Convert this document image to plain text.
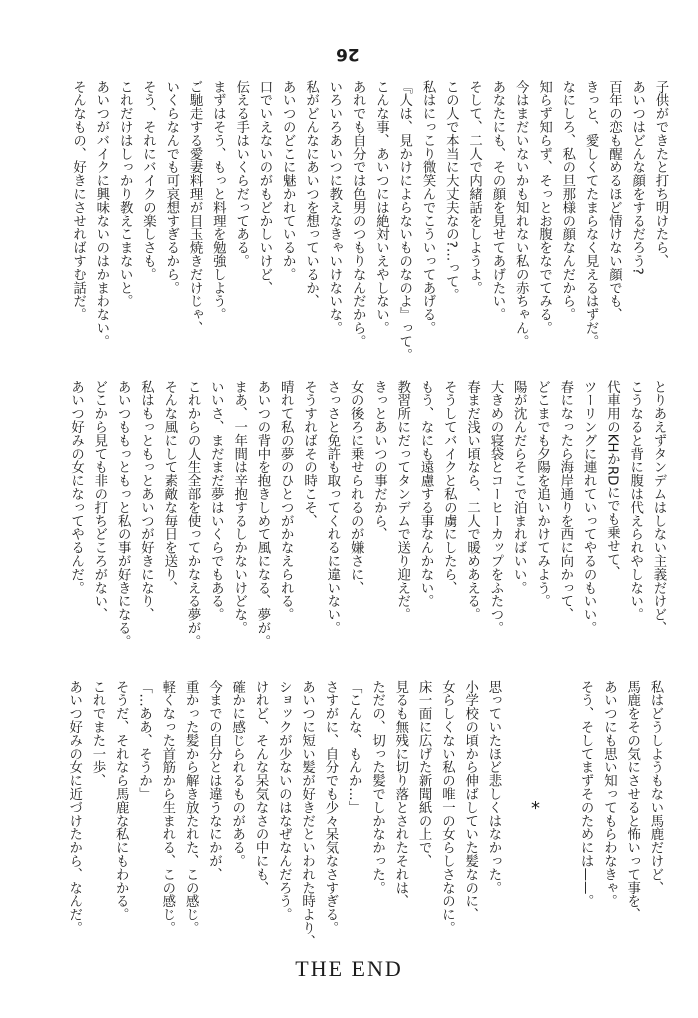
26
子供ができたと打ち明けたら、
あいつはどんな顔をするだろう?
百年の恋も醒めるほど情けない顔でも、
きっと、愛しくてたまらなく見えるはずだ。
なにしろ、私の旦那様の顔なんだから。
知らず知らず、そっとお腹をなでてみる。
今はまだいないかも知れない私の赤ちゃん。
あなたにも、その顔を見せてあげたい。
そして、二人で内緒話をしようよ。
この人で本当に大丈夫なの?…って。
私はにっこり微笑んでこういってあげる。
『人は、見かけによらないものなのよ』って。
こんな事、あいつには絶対いえやしない。
あれでも自分では色男のつもりなんだから。
いろいろあいつに教えなきゃいけないな。
私がどんなにあいつを想っているか、
あいつのどこに魅かれているか。
口でいえないのがもどかしいけど、
伝える手はいくらだってある。
まずはそう、もっと料理を勉強しよう。
ご馳走する愛妻料理が目玉焼きだけじゃ、
いくらなんでも可哀想すぎるから。
そう、それにバイクの楽しさも。
これだけはしっかり教えこまないと。
あいつがバイクに興味ないのはかまわない。
そんなもの、好きにさせればすむ話だ。
とりあえずタンデムはしない主義だけど、
こうなると背に腹は代えられやしない。
代車用のKHかRDにでも乗せて、
ツーリングに連れていってやるのもいい。
春になったら海岸通りを西に向かって、
どこまでも夕陽を追いかけてみよう。
陽が沈んだらそこで泊まればいい。
大きめの寝袋とコーヒーカップをふたつ。
春まだ浅い頃なら、二人で暖めあえる。
そうしてバイクと私の虜にしたら、
もう、なにも遠慮する事なんかない。
教習所にだってタンデムで送り迎えだ。
きっとあいつの事だから、
女の後ろに乗せられるのが嫌さに、
さっさと免許も取ってくれるに違いない。
そうすればその時こそ、
晴れて私の夢のひとつがかなえられる。
あいつの背中を抱きしめて風になる、夢が。
まあ、一年間は辛抱するしかないけどな。
いいさ、まだまだ夢はいくらでもある。
これからの人生全部を使ってかなえる夢が。
そんな風にして素敵な毎日を送り、
私はもっともっとあいつが好きになり、
あいつももっともっと私の事が好きになる。
どこから見ても非の打ちどころがない、
あいつ好みの女になってやるんだ。
私はどうしようもない馬鹿だけど、
馬鹿をその気にさせると怖いって事を、
あいつにも思い知ってもらわなきゃ。
そう、そしてまずそのためには——。
*
思っていたほど悲しくはなかった。
小学校の頃から伸ばしていた髪なのに、
女らしくない私の唯一の女らしさなのに。
床一面に広げた新聞紙の上で、
見るも無残に切り落とされたそれは、
ただの、切った髪でしかなかった。
「こんな、もんか…」
さすがに、自分でも少々呆気なさすぎる。
あいつに短い髪が好きだといわれた時より、
ショックが少ないのはなぜなんだろう。
けれど、そんな呆気なさの中にも、
確かに感じられるものがある。
今までの自分とは違うなにかが、
重かった髪から解き放たれた、この感じ。
軽くなった首筋から生まれる、この感じ。
「…ああ、そうか」
そうだ、それなら馬鹿な私にもわかる。
これでまた一歩、
あいつ好みの女に近づけたから、なんだ。
THE END
